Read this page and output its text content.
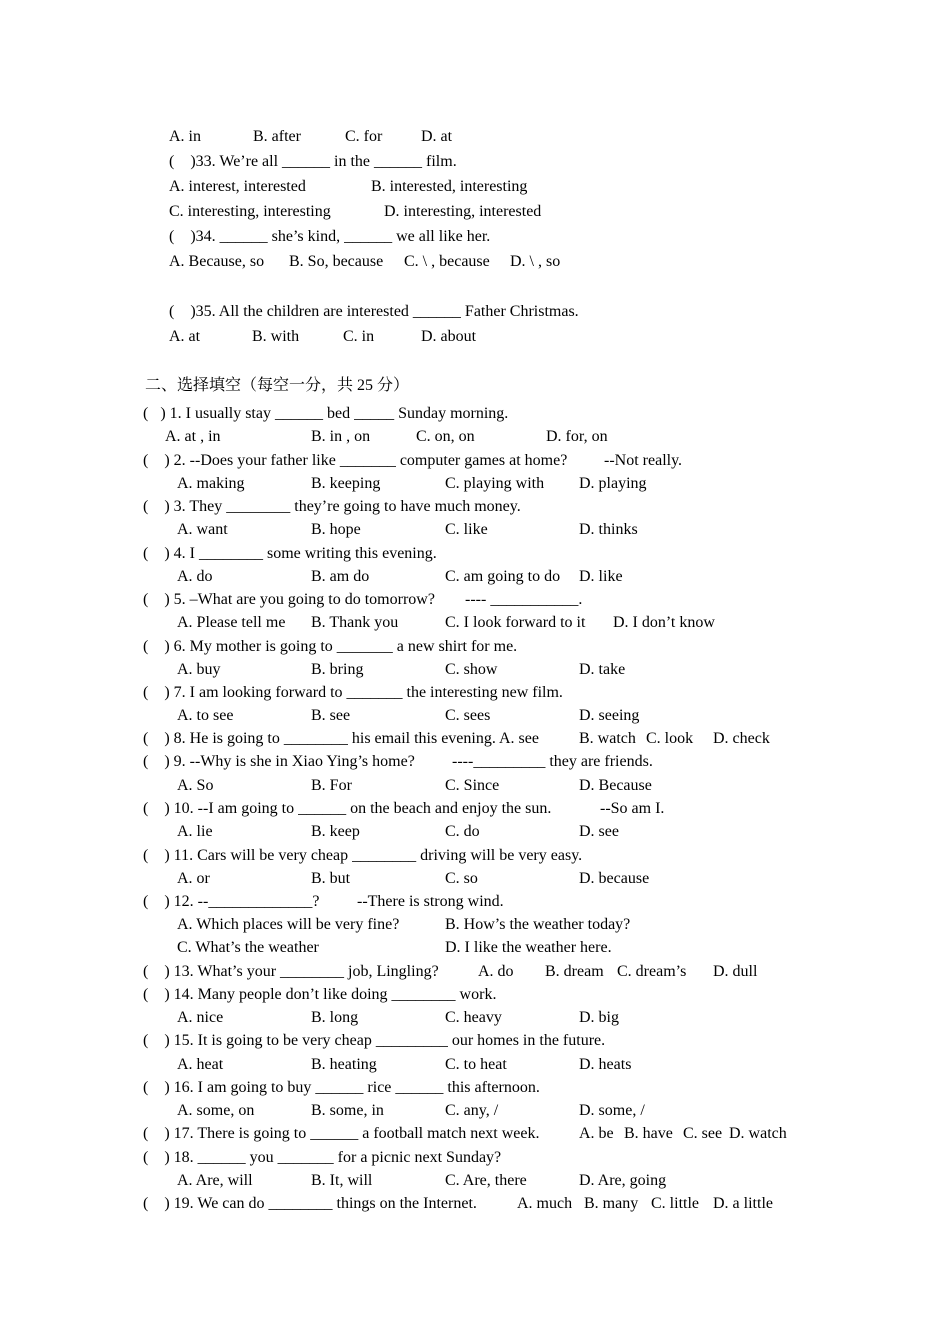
A. in	B. after	C. for D. at
(    )33. We’re all ______ in the ______ film.
A. interest, interested	B. interested, interesting
C. interesting, interesting	D. interesting, interested
(    )34. ______ she’s kind, ______ we all like her.
A. Because, so B. So, because C. \ , because D. \ , so
(    )35. All the children are interested ______ Father Christmas.
A. at	B. with	C. in	D. about
二、选择填空（每空一分，共 25 分）
(   ) 1. I usually stay ______ bed _____ Sunday morning.
A. at , in	B. in , on	C. on, on	D. for, on
(    ) 2. --Does your father like _______ computer games at home? --Not really.
A. making	B. keeping	C. playing with D. playing
(    ) 3. They ________ they’re going to have much money.
A. want	B. hope	C. like	D. thinks
(    ) 4. I ________ some writing this evening.
A. do	B. am do	C. am going to do D. like
(    ) 5. –What are you going to do tomorrow? ---- ___________.
A. Please tell me B. Thank you	C. I look forward to it D. I don’t know
(    ) 6. My mother is going to _______ a new shirt for me.
A. buy	B. bring	C. show	D. take
(    ) 7. I am looking forward to _______ the interesting new film.
A. to see	B. see	C. sees	D. seeing
(    ) 8. He is going to ________ his email this evening. A. see	B. watch C. look D. check
(    ) 9. --Why is she in Xiao Ying’s home? ----_________ they are friends.
A. So	B. For	C. Since	D. Because
(    ) 10. --I am going to ______ on the beach and enjoy the sun.	--So am I.
A. lie	B. keep	C. do	D. see
(    ) 11. Cars will be very cheap ________ driving will be very easy.
A. or	B. but	C. so	D. because
(    ) 12. --_____________? --There is strong wind.
A. Which places will be very fine?	B. How’s the weather today?
C. What’s the weather	D. I like the weather here.
(    ) 13. What’s your ________ job, Lingling? A. do B. dream C. dream’s D. dull
(    ) 14. Many people don’t like doing ________ work.
A. nice	B. long	C. heavy	D. big
(    ) 15. It is going to be very cheap _________ our homes in the future.
A. heat	B. heating	C. to heat	D. heats
(    ) 16. I am going to buy ______ rice ______ this afternoon.
A. some, on	B. some, in	C. any, /	D. some, /
(    ) 17. There is going to ______ a football match next week. A. be B. have C. see D. watch
(    ) 18. ______ you _______ for a picnic next Sunday?
A. Are, will	B. It, will	C. Are, there	D. Are, going
(    ) 19. We can do ________ things on the Internet.	A. much B. many C. little D. a little
